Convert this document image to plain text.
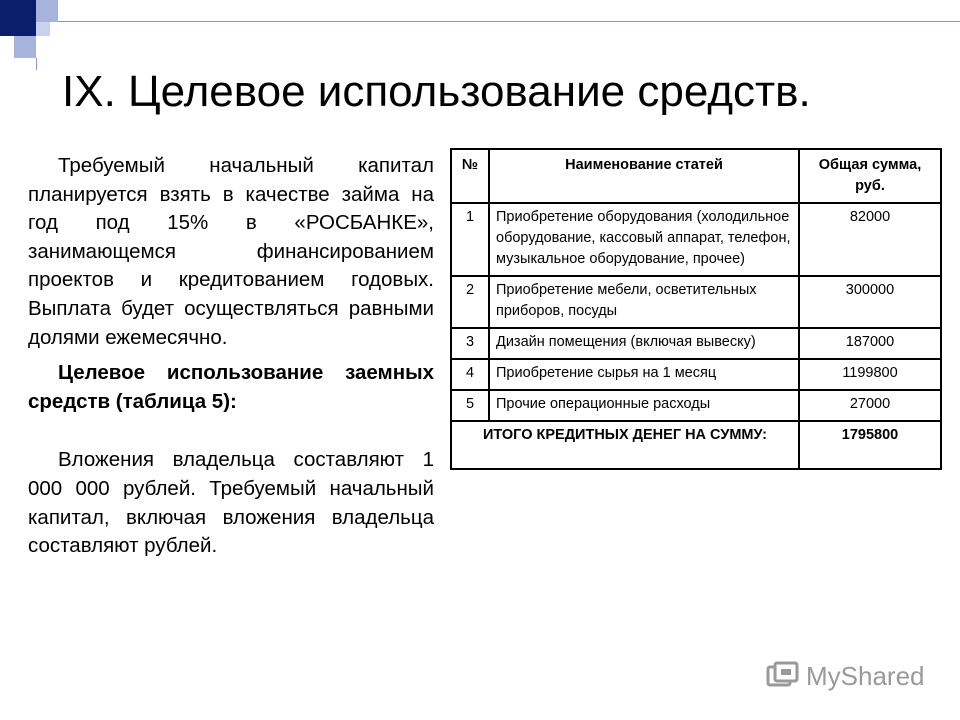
IX. Целевое использование средств.

Требуемый начальный капитал планируется взять в качестве займа на год под 15% в «РОСБАНКЕ», занимающемся финансированием проектов и кредитованием годовых. Выплата будет осуществляться равными долями ежемесячно.

Целевое использование заемных средств (таблица 5):

Вложения владельца составляют 1 000 000 рублей. Требуемый начальный капитал, включая вложения владельца составляют рублей.

№	Наименование статей	Общая сумма, руб.
1	Приобретение оборудования (холодильное оборудование, кассовый аппарат, телефон, музыкальное оборудование, прочее)	82000
2	Приобретение мебели, осветительных приборов, посуды	300000
3	Дизайн помещения (включая вывеску)	187000
4	Приобретение сырья на 1 месяц	1199800
5	Прочие операционные расходы	27000
ИТОГО КРЕДИТНЫХ ДЕНЕГ НА СУММУ:		1795800
MyShared
